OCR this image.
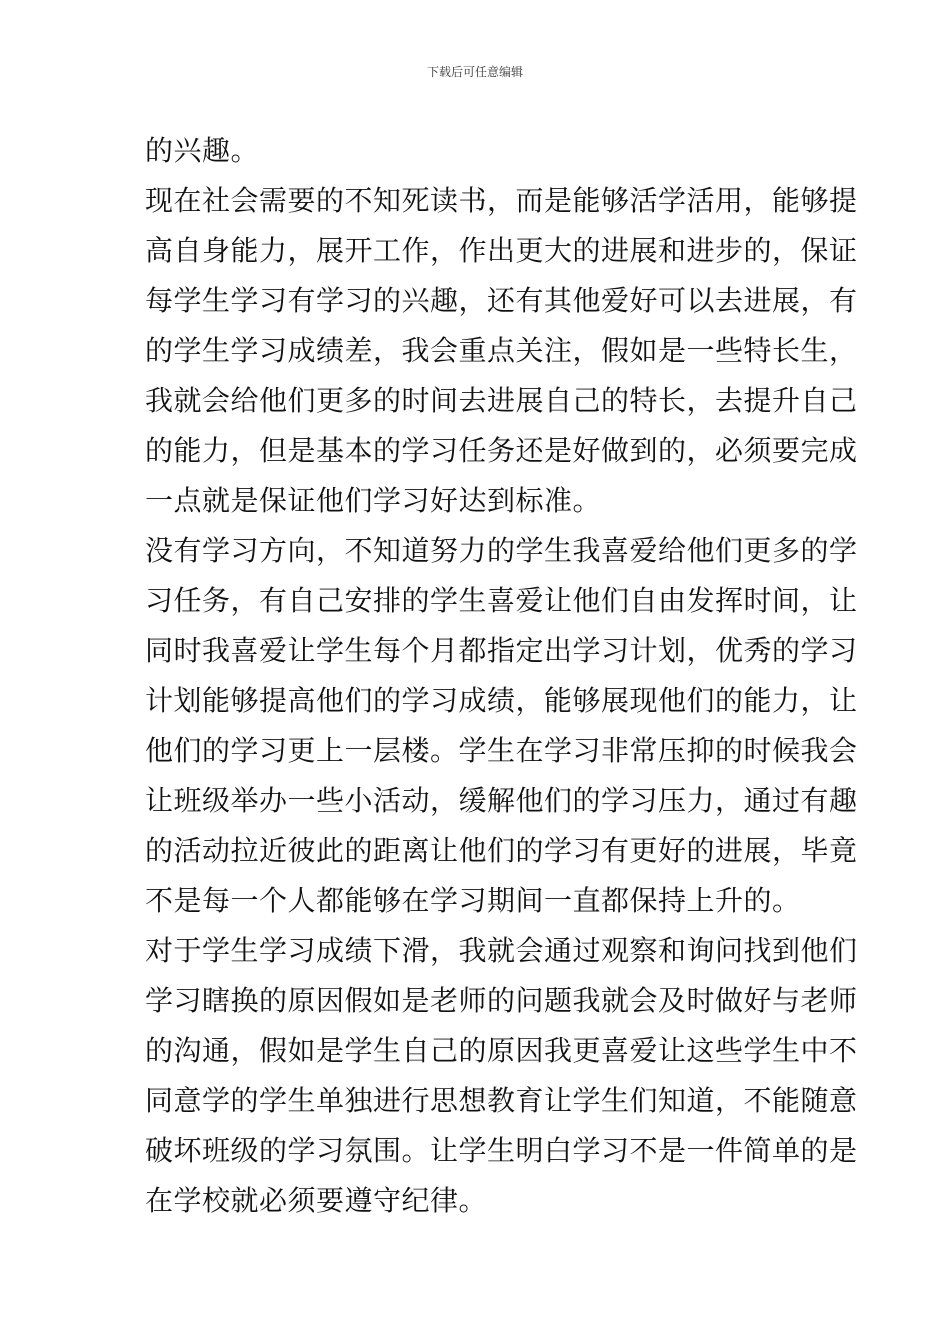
下载后可任意编辑
的兴趣。
现在社会需要的不知死读书，而是能够活学活用，能够提
高自身能力，展开工作，作出更大的进展和进步的，保证
每学生学习有学习的兴趣，还有其他爱好可以去进展，有
的学生学习成绩差，我会重点关注，假如是一些特长生，
我就会给他们更多的时间去进展自己的特长，去提升自己
的能力，但是基本的学习任务还是好做到的，必须要完成
一点就是保证他们学习好达到标准。
没有学习方向，不知道努力的学生我喜爱给他们更多的学
习任务，有自己安排的学生喜爱让他们自由发挥时间，让
同时我喜爱让学生每个月都指定出学习计划，优秀的学习
计划能够提高他们的学习成绩，能够展现他们的能力，让
他们的学习更上一层楼。学生在学习非常压抑的时候我会
让班级举办一些小活动，缓解他们的学习压力，通过有趣
的活动拉近彼此的距离让他们的学习有更好的进展，毕竟
不是每一个人都能够在学习期间一直都保持上升的。
对于学生学习成绩下滑，我就会通过观察和询问找到他们
学习瞎换的原因假如是老师的问题我就会及时做好与老师
的沟通，假如是学生自己的原因我更喜爱让这些学生中不
同意学的学生单独进行思想教育让学生们知道，不能随意
破坏班级的学习氛围。让学生明白学习不是一件简单的是
在学校就必须要遵守纪律。
